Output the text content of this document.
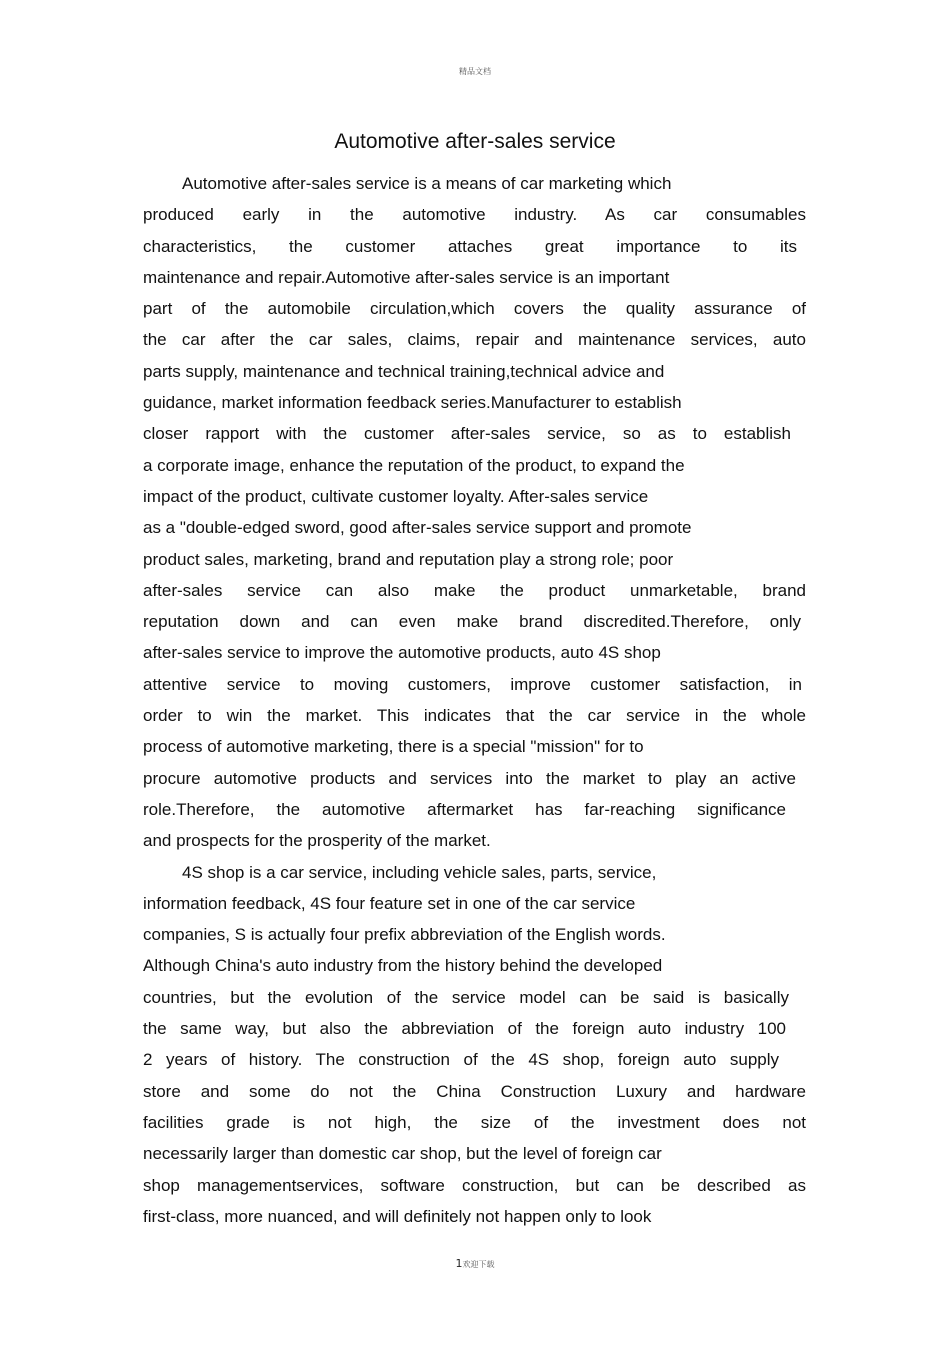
精品文档
Automotive after-sales service
Automotive after-sales service is a means of car marketing which
produced early in the automotive industry. As car consumables
characteristics, the customer attaches great importance to its
maintenance and repair.Automotive after-sales service is an important
part of the automobile circulation,which covers the quality assurance of
the car after the car sales, claims, repair and maintenance services, auto
parts supply, maintenance and technical training,technical advice and
guidance, market information feedback series.Manufacturer to establish
closer rapport with the customer after-sales service, so as to establish
a corporate image, enhance the reputation of the product, to expand the
impact of the product, cultivate customer loyalty. After-sales service
as a "double-edged sword, good after-sales service support and promote
product sales, marketing, brand and reputation play a strong role; poor
after-sales service can also make the product unmarketable, brand
reputation down and can even make brand discredited.Therefore, only
after-sales service to improve the automotive products, auto 4S shop
attentive service to moving customers, improve customer satisfaction, in
order to win the market. This indicates that the car service in the whole
process of automotive marketing, there is a special "mission" for to
procure automotive products and services into the market to play an active
role.Therefore, the automotive aftermarket has far-reaching significance
and prospects for the prosperity of the market.
4S shop is a car service, including vehicle sales, parts, service,
information feedback, 4S four feature set in one of the car service
companies, S is actually four prefix abbreviation of the English words.
Although China's auto industry from the history behind the developed
countries, but the evolution of the service model can be said is basically
the same way, but also the abbreviation of the foreign auto industry 100
2 years of history. The construction of the 4S shop, foreign auto supply
store and some do not the China Construction Luxury and hardware
facilities grade is not high, the size of the investment does not
necessarily larger than domestic car shop, but the level of foreign car
shop managementservices, software construction, but can be described as
first-class, more nuanced, and will definitely not happen only to look
1欢迎下载
